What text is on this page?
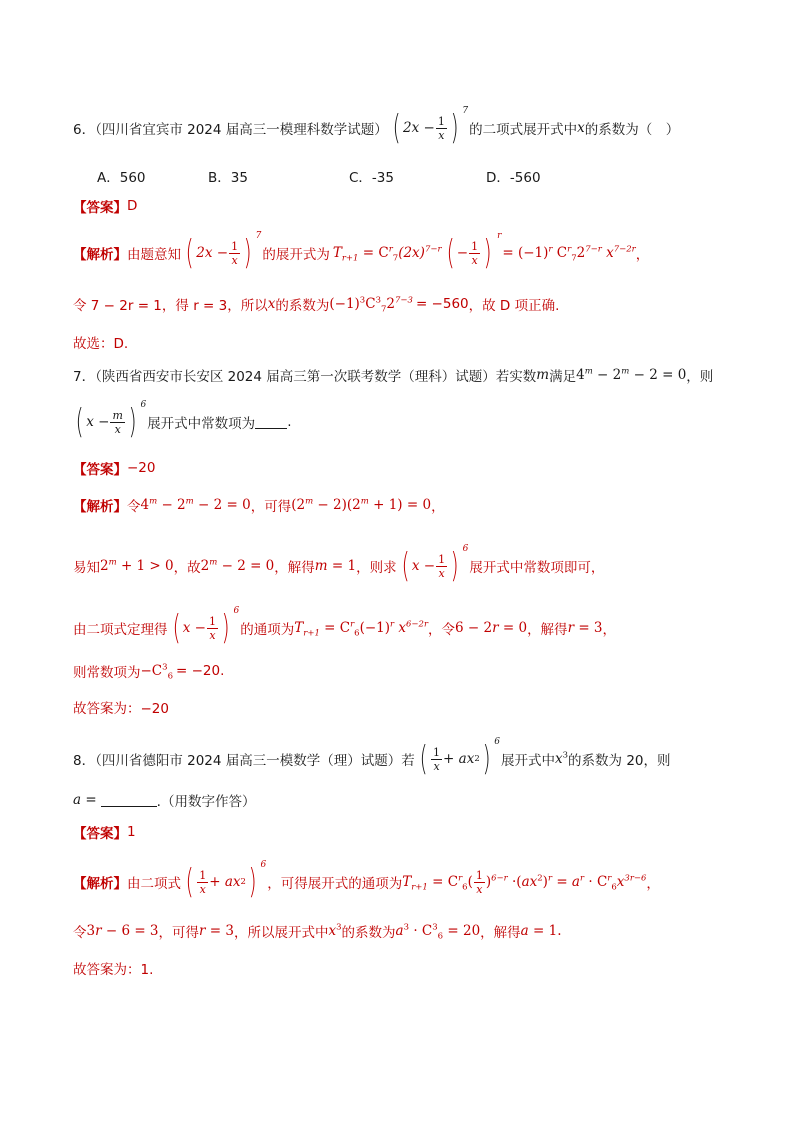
6．（四川省宜宾市 2024 届高三一模理科数学试题） ( $2x - \frac{1}{x}$ ) 7
的二项式展开式中 x 的系数为（　）
A．560	B．35	C．-35	D．-560
【答案】 D
【解析】 由题意知 ( $2x - \frac{1}{x}$ ) 7
的展开式为 $T_{r+1} = C^r_7(2x)^{7-r}$ ( − $\frac{1}{x}$ ) r
= $(-1)^r$ $C^r_72^{7-r}$ $x^{7-2r}$ ，
令 7 − 2r = 1，得 r = 3，所以 x 的系数为 $(-1)^3C^3_72^{7-3} = -560$ ，故 D 项正确.
故选：D.
7．（陕西省西安市长安区 2024 届高三第一次联考数学（理科）试题）若实数 m 满足 $4^m - 2^m - 2 = 0$ ，则
( $x - \frac{m}{x}$ ) 6
展开式中常数项为 .
【答案】 −20
【解析】 令 $4^m - 2^m - 2 = 0$ ，可得 $(2^m - 2)(2^m + 1) = 0$ ，
易知 $2^m + 1 > 0$ ，故 $2^m - 2 = 0$ ，解得 m = 1 ，则求 ( $x - \frac{1}{x}$ ) 6
展开式中常数项即可，
由二项式定理得 ( $x - \frac{1}{x}$ ) 6
的通项为 $T_{r+1} = C^r_6(-1)^r$ $x^{6-2r}$ ，令 6 − 2r = 0 ，解得 r = 3 ，
则常数项为 $-C^3_6 = -20$ .
故答案为：−20
8．（四川省德阳市 2024 届高三一模数学（理）试题）若 ( $\frac{1}{x}$ + ax 2 ) 6
展开式中 $x^3$ 的系数为 20，则
a =	.（用数字作答）
【答案】 1
【解析】 由二项式 ( $\frac{1}{x}$ + ax 2 ) 6
，可得展开式的通项为 $T_{r+1} = C^r_6( \frac{1}{x} )^{6-r} \cdot(ax^2)^r = a^r \cdot C^r_6x^{3r-6}$ ，
令 3r − 6 = 3 ，可得 r = 3 ，所以展开式中 $x^3$ 的系数为 $a^3 \cdot C^3_6 = 20$ ，解得 a = 1.
故答案为：1.
